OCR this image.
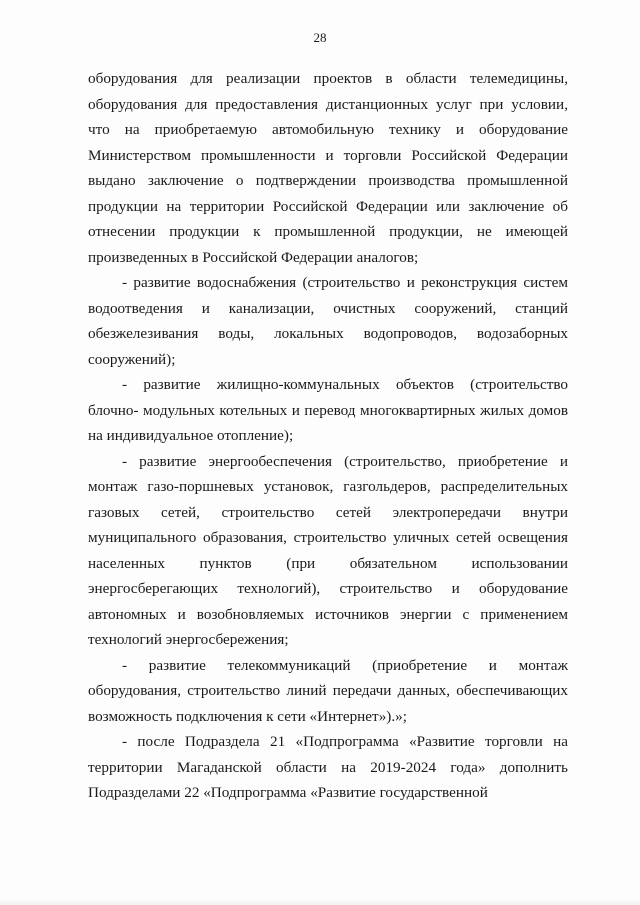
28

оборудования для реализации проектов в области телемедицины, оборудования для предоставления дистанционных услуг при условии, что на приобретаемую автомобильную технику и оборудование Министерством промышленности и торговли Российской Федерации выдано заключение о подтверждении производства промышленной продукции на территории Российской Федерации или заключение об отнесении продукции к промышленной продукции, не имеющей произведенных в Российской Федерации аналогов;

- развитие водоснабжения (строительство и реконструкция систем водоотведения и канализации, очистных сооружений, станций обезжелезивания воды, локальных водопроводов, водозаборных сооружений);

- развитие жилищно-коммунальных объектов (строительство блочно- модульных котельных и перевод многоквартирных жилых домов на индивидуальное отопление);

- развитие энергообеспечения (строительство, приобретение и монтаж газо-поршневых установок, газгольдеров, распределительных газовых сетей, строительство сетей электропередачи внутри муниципального образования, строительство уличных сетей освещения населенных пунктов (при обязательном использовании энергосберегающих технологий), строительство и оборудование автономных и возобновляемых источников энергии с применением технологий энергосбережения;

- развитие телекоммуникаций (приобретение и монтаж оборудования, строительство линий передачи данных, обеспечивающих возможность подключения к сети «Интернет»).»;

- после Подраздела 21 «Подпрограмма «Развитие торговли на территории Магаданской области на 2019-2024 года» дополнить Подразделами 22 «Подпрограмма «Развитие государственной
